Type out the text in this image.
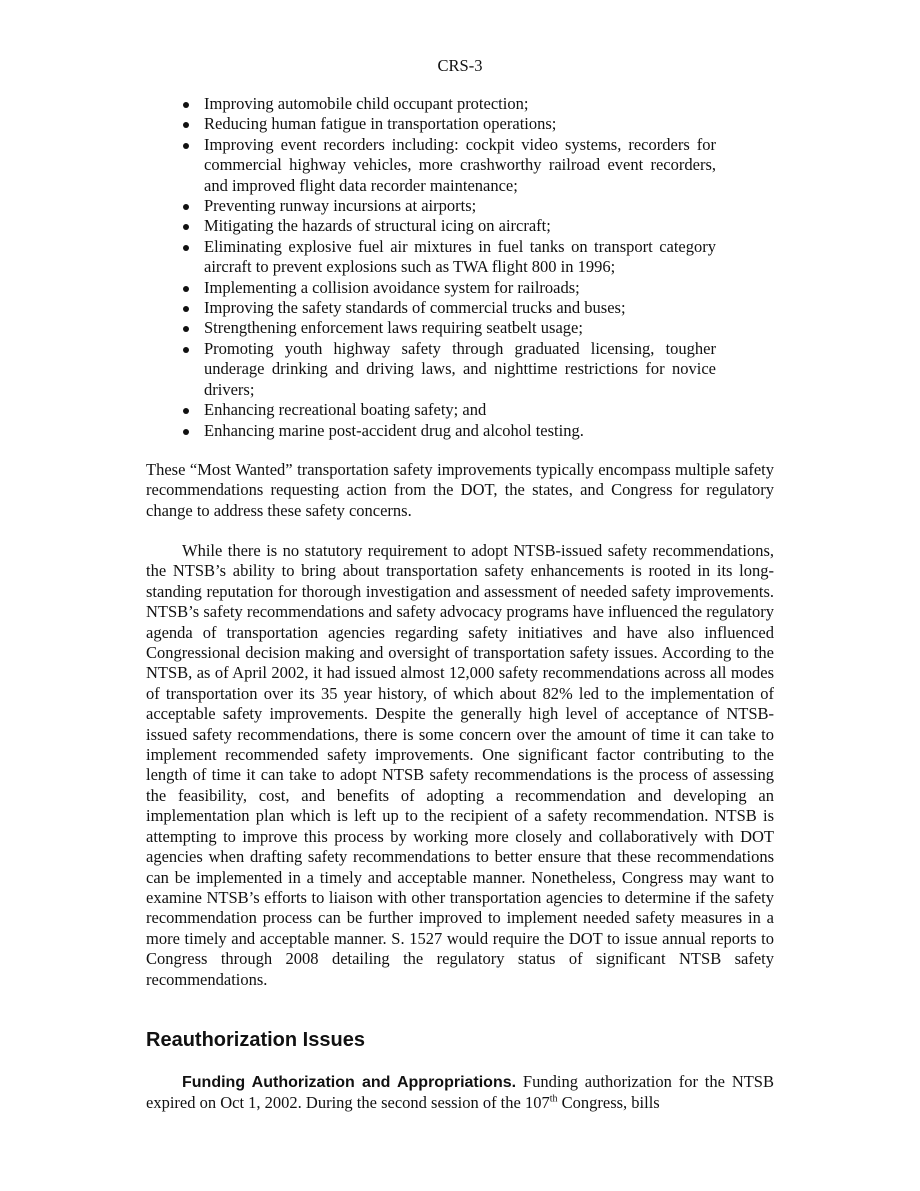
CRS-3
Improving automobile child occupant protection;
Reducing human fatigue in transportation operations;
Improving event recorders including: cockpit video systems, recorders for commercial highway vehicles, more crashworthy railroad event recorders, and improved flight data recorder maintenance;
Preventing runway incursions at airports;
Mitigating the hazards of structural icing on aircraft;
Eliminating explosive fuel air mixtures in fuel tanks on transport category aircraft to prevent explosions such as TWA flight 800 in 1996;
Implementing a collision avoidance system for railroads;
Improving the safety standards of commercial trucks and buses;
Strengthening enforcement laws requiring seatbelt usage;
Promoting youth highway safety through graduated licensing, tougher underage drinking and driving laws, and nighttime restrictions for novice drivers;
Enhancing recreational boating safety; and
Enhancing marine post-accident drug and alcohol testing.

These “Most Wanted” transportation safety improvements typically encompass multiple safety recommendations requesting action from the DOT, the states, and Congress for regulatory change to address these safety concerns.

While there is no statutory requirement to adopt NTSB-issued safety recommendations, the NTSB’s ability to bring about transportation safety enhancements is rooted in its long-standing reputation for thorough investigation and assessment of needed safety improvements. NTSB’s safety recommendations and safety advocacy programs have influenced the regulatory agenda of transportation agencies regarding safety initiatives and have also influenced Congressional decision making and oversight of transportation safety issues. According to the NTSB, as of April 2002, it had issued almost 12,000 safety recommendations across all modes of transportation over its 35 year history, of which about 82% led to the implementation of acceptable safety improvements. Despite the generally high level of acceptance of NTSB-issued safety recommendations, there is some concern over the amount of time it can take to implement recommended safety improvements. One significant factor contributing to the length of time it can take to adopt NTSB safety recommendations is the process of assessing the feasibility, cost, and benefits of adopting a recommendation and developing an implementation plan which is left up to the recipient of a safety recommendation. NTSB is attempting to improve this process by working more closely and collaboratively with DOT agencies when drafting safety recommendations to better ensure that these recommendations can be implemented in a timely and acceptable manner. Nonetheless, Congress may want to examine NTSB’s efforts to liaison with other transportation agencies to determine if the safety recommendation process can be further improved to implement needed safety measures in a more timely and acceptable manner. S. 1527 would require the DOT to issue annual reports to Congress through 2008 detailing the regulatory status of significant NTSB safety recommendations.

Reauthorization Issues

Funding Authorization and Appropriations. Funding authorization for the NTSB expired on Oct 1, 2002. During the second session of the 107th Congress, bills
